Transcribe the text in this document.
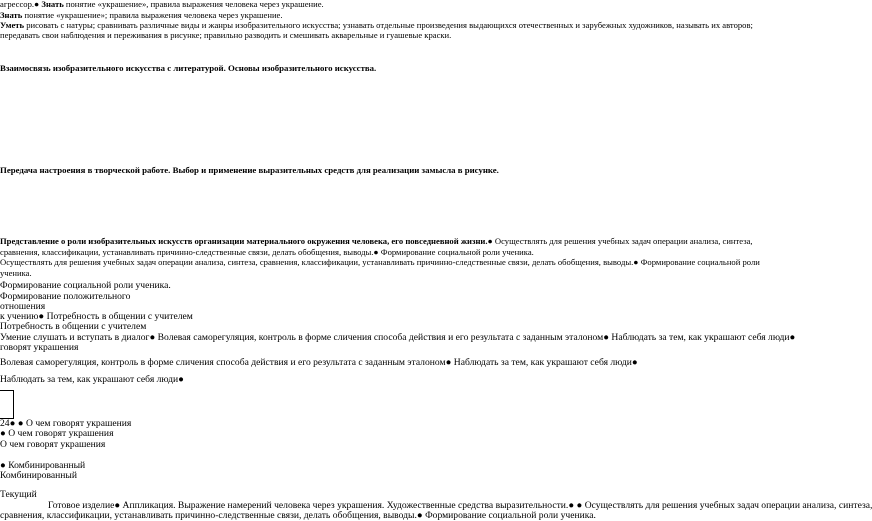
агрессор.● Знать понятие «украшение», правила выражения человека через украшение.
Знать понятие «украшение»; правила выражения человека через украшение.
Уметь рисовать с натуры; сравнивать различные виды и жанры изобразительного искусства; узнавать отдельные произведения выдающихся отечественных и зарубежных художников, называть их авторов;
передавать свои наблюдения и переживания в рисунке; правильно разводить и смешивать акварельные и гуашевые краски.
Взаимосвязь изобразительного искусства с литературой. Основы изобразительного искусства.
Передача настроения в творческой работе. Выбор и применение выразительных средств для реализации замысла в рисунке.
Представление о роли изобразительных искусств организации материального окружения человека, его повседневной жизни.● Осуществлять для решения учебных задач операции анализа, синтеза,
сравнения, классификации, устанавливать причинно-следственные связи, делать обобщения, выводы.● Формирование социальной роли ученика.
Осуществлять для решения учебных задач операции анализа, синтеза, сравнения, классификации, устанавливать причинно-следственные связи, делать обобщения, выводы.● Формирование социальной роли
ученика.
Формирование социальной роли ученика.
Формирование положительного
отношения
к учению● Потребность в общении с учителем
Потребность в общении с учителем
Умение слушать и вступать в диалог● Волевая саморегуляция, контроль в форме сличения способа действия и его результата с заданным эталоном● Наблюдать за тем, как украшают себя люди●
говорят украшения
Волевая саморегуляция, контроль в форме сличения способа действия и его результата с заданным эталоном● Наблюдать за тем, как украшают себя люди●
Наблюдать за тем, как украшают себя люди●
24● ● О чем говорят украшения
● О чем говорят украшения
О чем говорят украшения
● Комбинированный
Комбинированный
Текущий
Готовое изделие● Аппликация. Выражение намерений человека через украшения. Художественные средства выразительности.● ● Осуществлять для решения учебных задач операции анализа, синтеза,
сравнения, классификации, устанавливать причинно-следственные связи, делать обобщения, выводы.● Формирование социальной роли ученика.
